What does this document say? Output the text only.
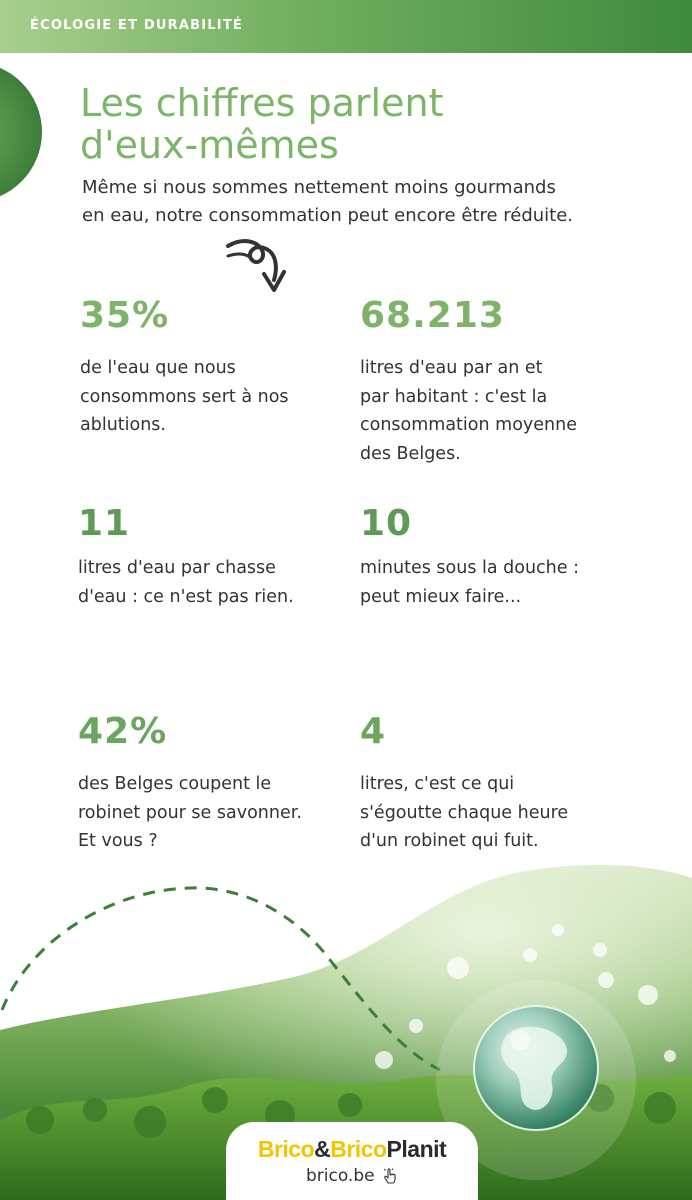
ÉCOLOGIE ET DURABILITÉ
Les chiffres parlent
d'eux-mêmes
Même si nous sommes nettement moins gourmands
en eau, notre consommation peut encore être réduite.
35%
de l'eau que nous
consommons sert à nos
ablutions.
68.213
litres d'eau par an et
par habitant : c'est la
consommation moyenne
des Belges.
11
litres d'eau par chasse
d'eau : ce n'est pas rien.
10
minutes sous la douche :
peut mieux faire...
42%
des Belges coupent le
robinet pour se savonner.
Et vous ?
4
litres, c'est ce qui
s'égoutte chaque heure
d'un robinet qui fuit.
Brico&BricoPlanit
brico.be
